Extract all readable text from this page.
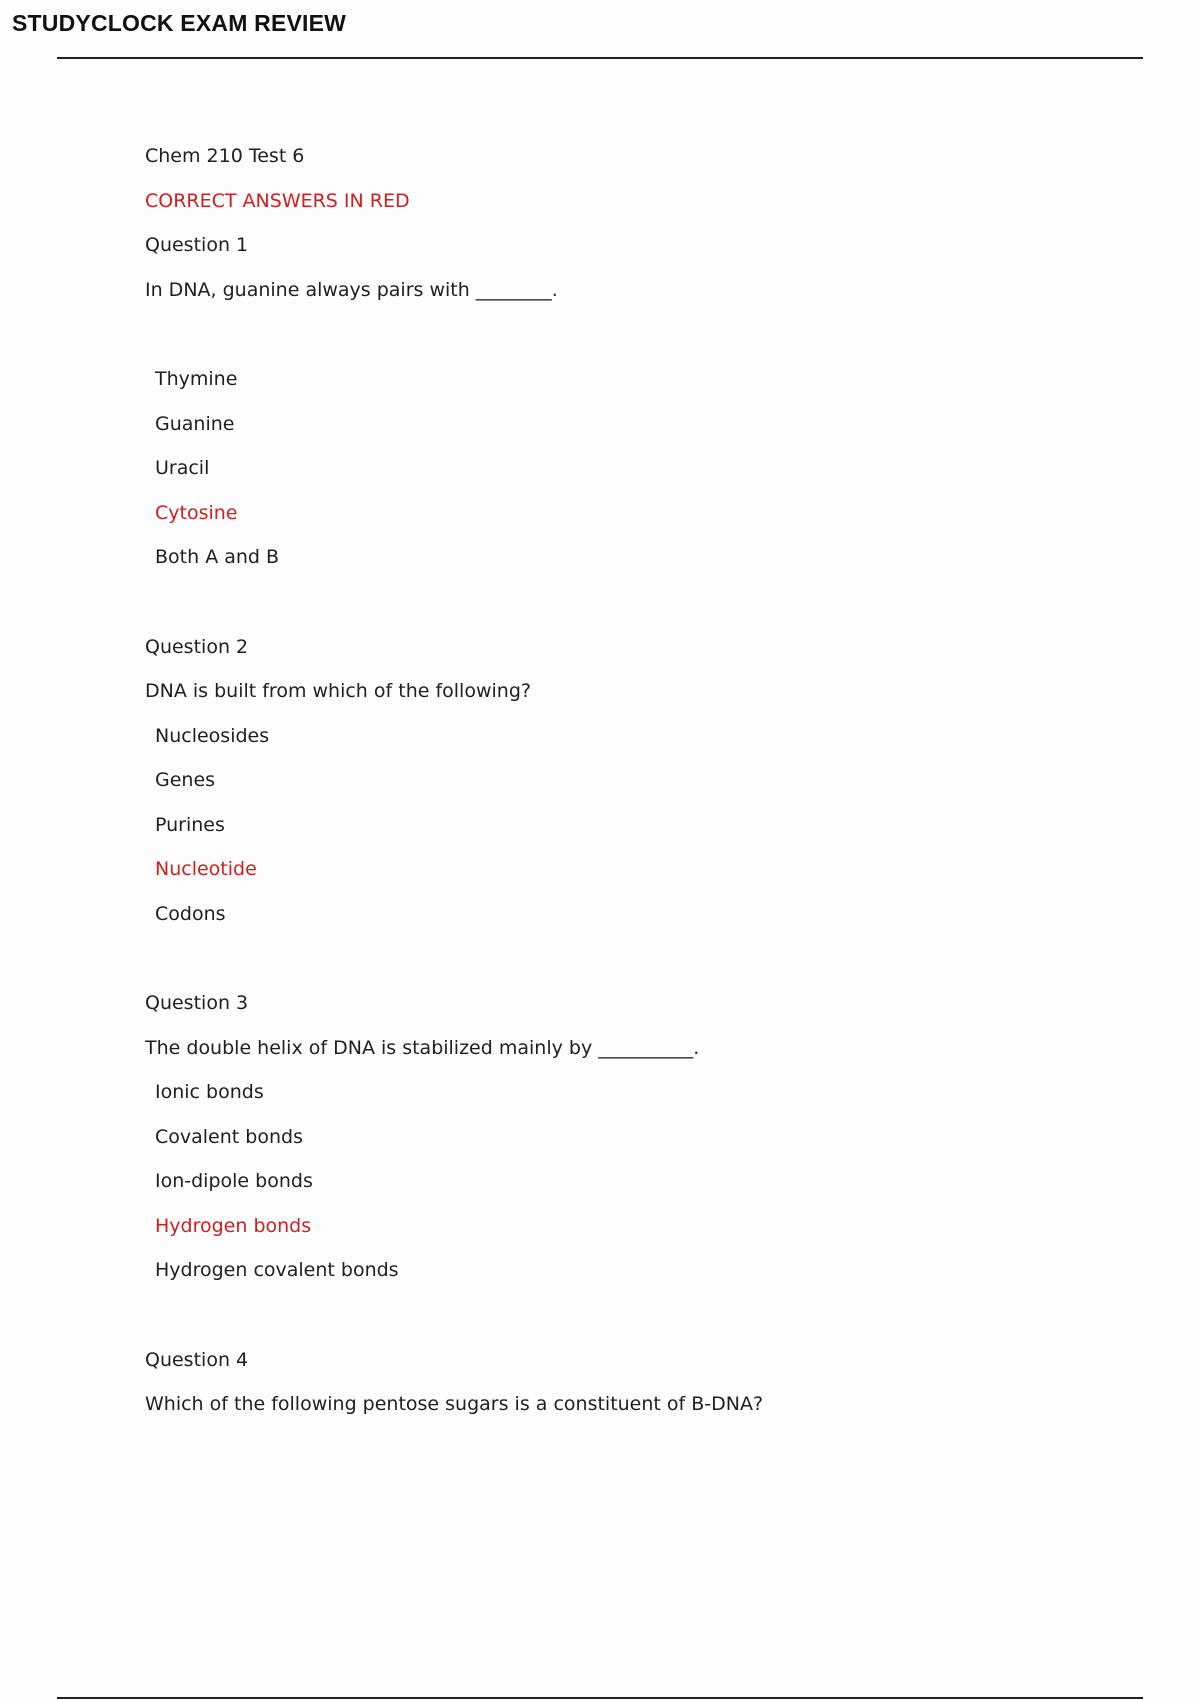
STUDYCLOCK EXAM REVIEW
Chem 210 Test 6
CORRECT ANSWERS IN RED
Question 1
In DNA, guanine always pairs with ________.
Thymine
Guanine
Uracil
Cytosine
Both A and B
Question 2
DNA is built from which of the following?
Nucleosides
Genes
Purines
Nucleotide
Codons
Question 3
The double helix of DNA is stabilized mainly by __________.
Ionic bonds
Covalent bonds
Ion-dipole bonds
Hydrogen bonds
Hydrogen covalent bonds
Question 4
Which of the following pentose sugars is a constituent of B-DNA?
